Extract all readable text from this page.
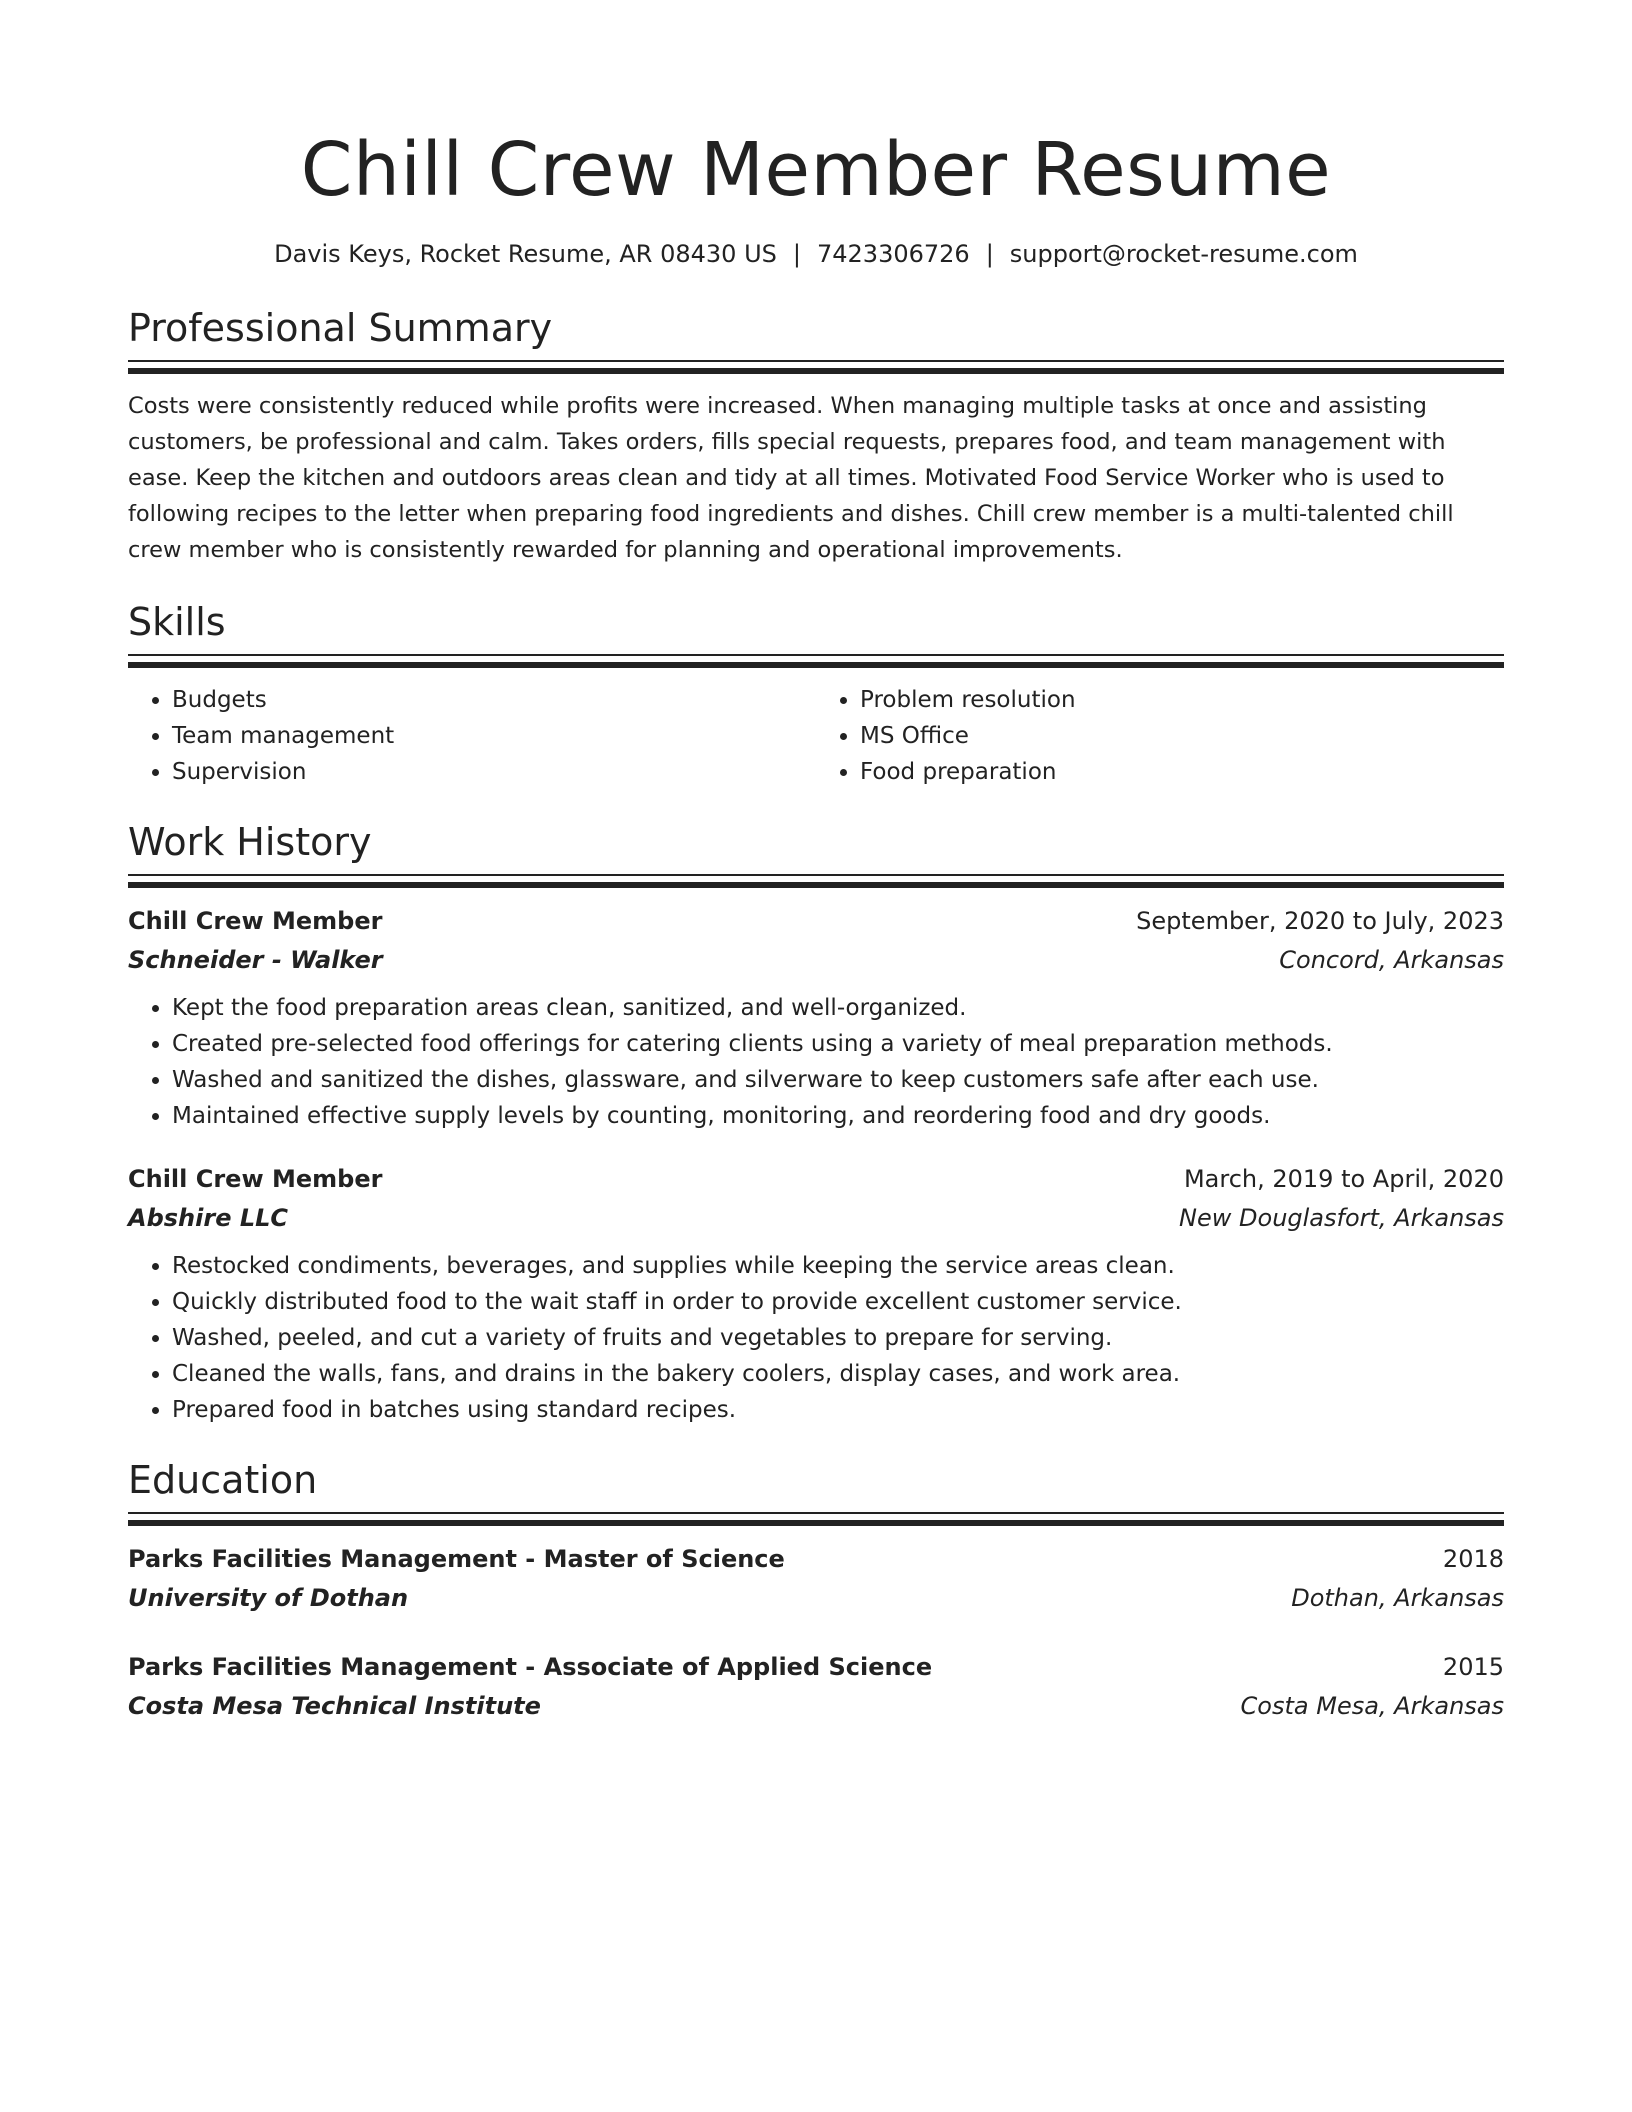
Chill Crew Member Resume
Davis Keys, Rocket Resume, AR 08430 US | 7423306726 | support@rocket-resume.com
Professional Summary

Costs were consistently reduced while profits were increased. When managing multiple tasks at once and assisting customers, be professional and calm. Takes orders, fills special requests, prepares food, and team management with ease. Keep the kitchen and outdoors areas clean and tidy at all times. Motivated Food Service Worker who is used to following recipes to the letter when preparing food ingredients and dishes. Chill crew member is a multi-talented chill crew member who is consistently rewarded for planning and operational improvements.

Skills
• Budgets
• Team management
• Supervision
• Problem resolution
• MS Office
• Food preparation
Work History
Chill Crew Member	September, 2020 to July, 2023
Schneider - Walker	Concord, Arkansas
• Kept the food preparation areas clean, sanitized, and well-organized.
• Created pre-selected food offerings for catering clients using a variety of meal preparation methods.
• Washed and sanitized the dishes, glassware, and silverware to keep customers safe after each use.
• Maintained effective supply levels by counting, monitoring, and reordering food and dry goods.
Chill Crew Member	March, 2019 to April, 2020
Abshire LLC	New Douglasfort, Arkansas
• Restocked condiments, beverages, and supplies while keeping the service areas clean.
• Quickly distributed food to the wait staff in order to provide excellent customer service.
• Washed, peeled, and cut a variety of fruits and vegetables to prepare for serving.
• Cleaned the walls, fans, and drains in the bakery coolers, display cases, and work area.
• Prepared food in batches using standard recipes.
Education
Parks Facilities Management - Master of Science	2018
University of Dothan	Dothan, Arkansas
Parks Facilities Management - Associate of Applied Science	2015
Costa Mesa Technical Institute	Costa Mesa, Arkansas
